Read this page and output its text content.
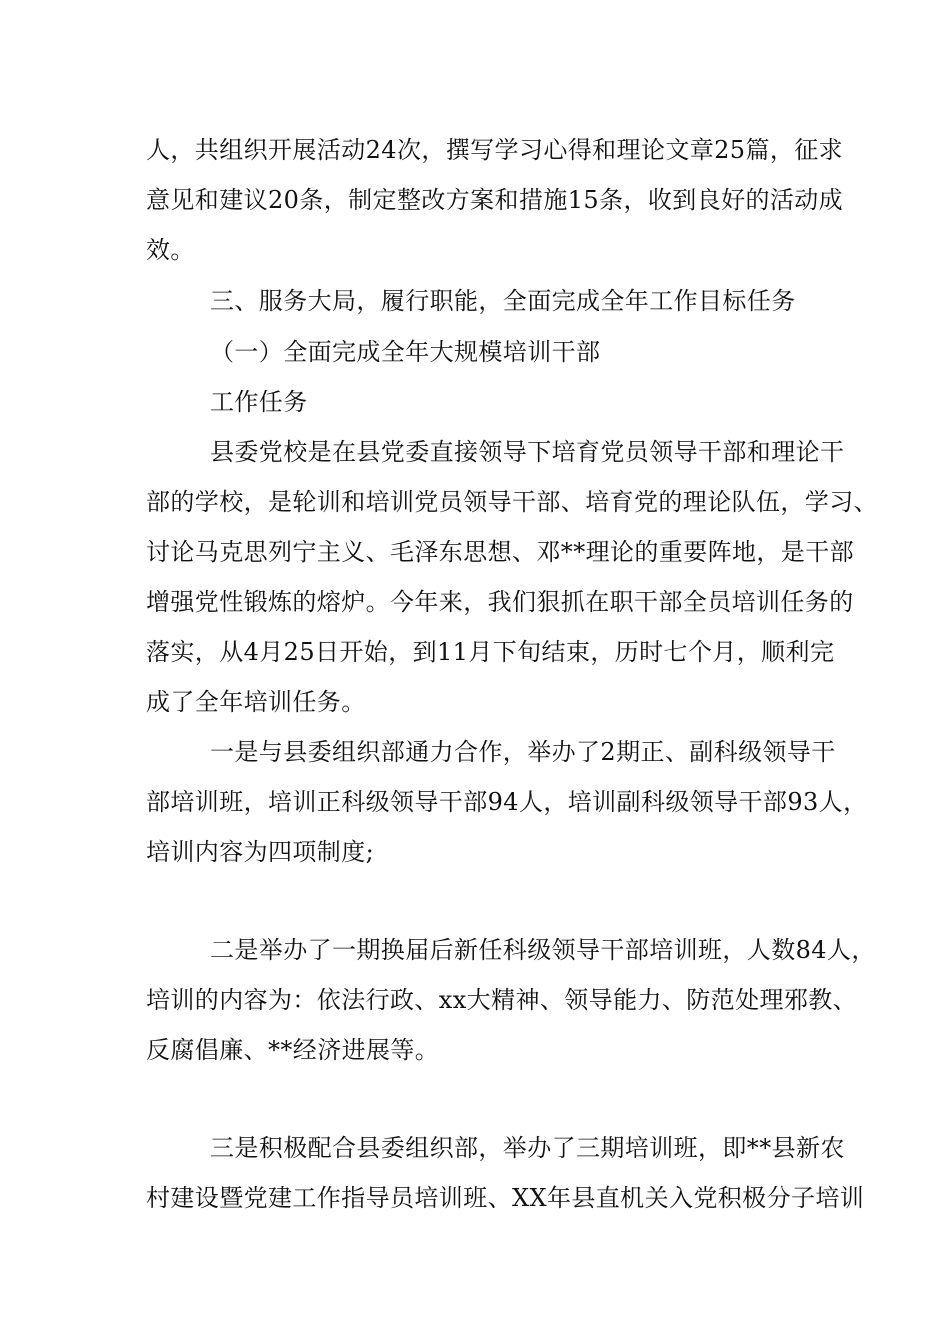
人，共组织开展活动24次，撰写学习心得和理论文章25篇，征求
意见和建议20条，制定整改方案和措施15条，收到良好的活动成
效。
三、服务大局，履行职能，全面完成全年工作目标任务
（一）全面完成全年大规模培训干部
工作任务
县委党校是在县党委直接领导下培育党员领导干部和理论干
部的学校，是轮训和培训党员领导干部、培育党的理论队伍，学习、
讨论马克思列宁主义、毛泽东思想、邓**理论的重要阵地，是干部
增强党性锻炼的熔炉。今年来，我们狠抓在职干部全员培训任务的
落实，从4月25日开始，到11月下旬结束，历时七个月，顺利完
成了全年培训任务。
一是与县委组织部通力合作，举办了2期正、副科级领导干
部培训班，培训正科级领导干部94人，培训副科级领导干部93人，
培训内容为四项制度;
二是举办了一期换届后新任科级领导干部培训班，人数84人，
培训的内容为：依法行政、xx大精神、领导能力、防范处理邪教、
反腐倡廉、**经济进展等。
三是积极配合县委组织部，举办了三期培训班，即**县新农
村建设暨党建工作指导员培训班、XX年县直机关入党积极分子培训
